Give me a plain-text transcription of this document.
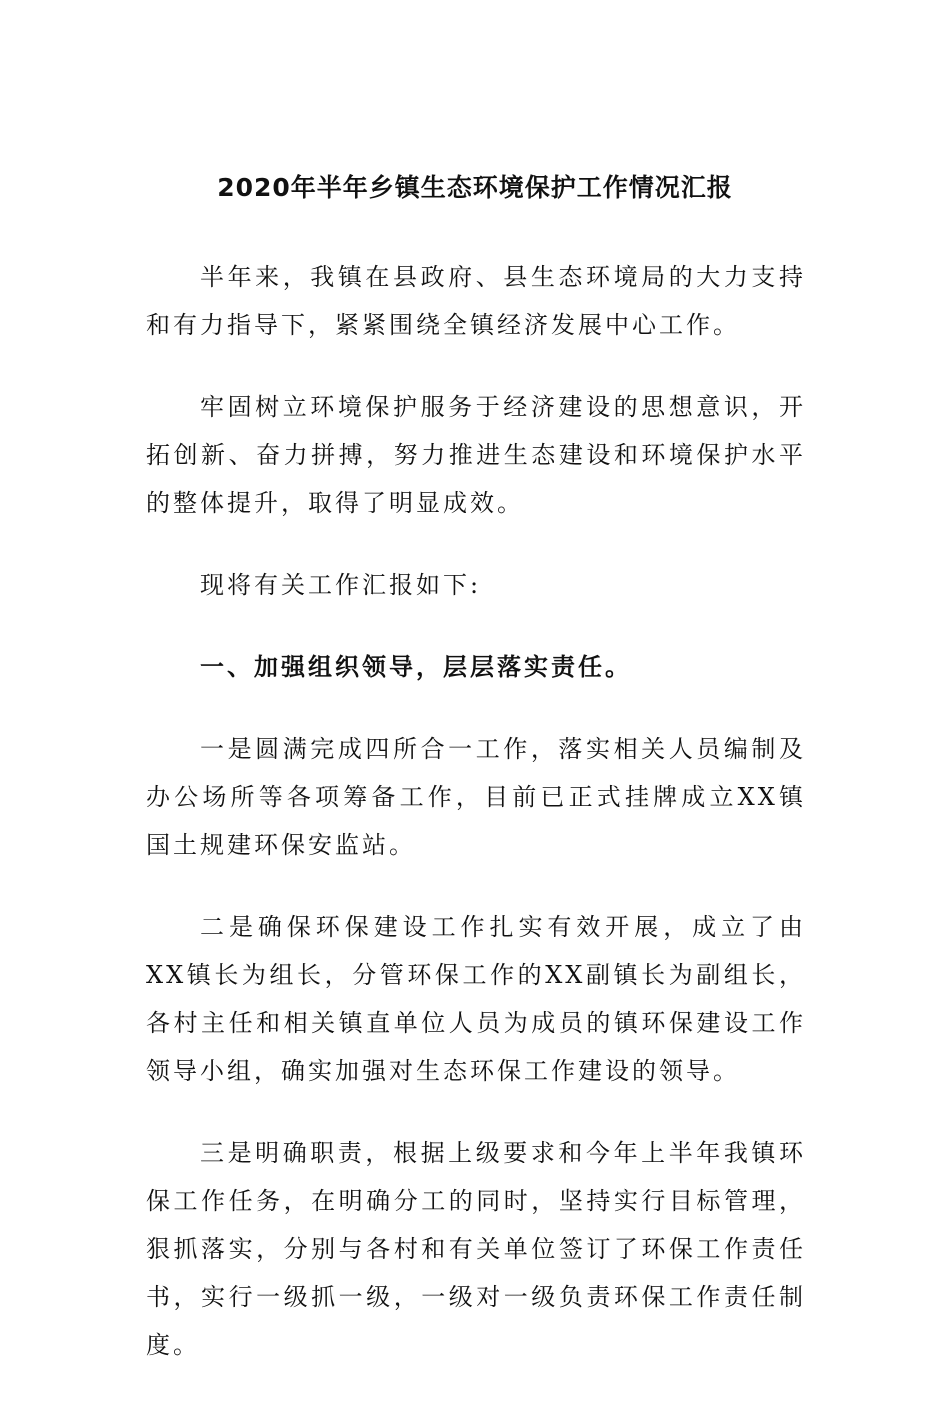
2020年半年乡镇生态环境保护工作情况汇报

半年来，我镇在县政府、县生态环境局的大力支持和有力指导下，紧紧围绕全镇经济发展中心工作。

牢固树立环境保护服务于经济建设的思想意识，开拓创新、奋力拼搏，努力推进生态建设和环境保护水平的整体提升，取得了明显成效。

现将有关工作汇报如下:

一、加强组织领导，层层落实责任。

一是圆满完成四所合一工作，落实相关人员编制及办公场所等各项筹备工作，目前已正式挂牌成立XX镇国土规建环保安监站。

二是确保环保建设工作扎实有效开展，成立了由XX镇长为组长，分管环保工作的XX副镇长为副组长，各村主任和相关镇直单位人员为成员的镇环保建设工作领导小组，确实加强对生态环保工作建设的领导。

三是明确职责，根据上级要求和今年上半年我镇环保工作任务，在明确分工的同时，坚持实行目标管理，狠抓落实，分别与各村和有关单位签订了环保工作责任书，实行一级抓一级，一级对一级负责环保工作责任制度。
